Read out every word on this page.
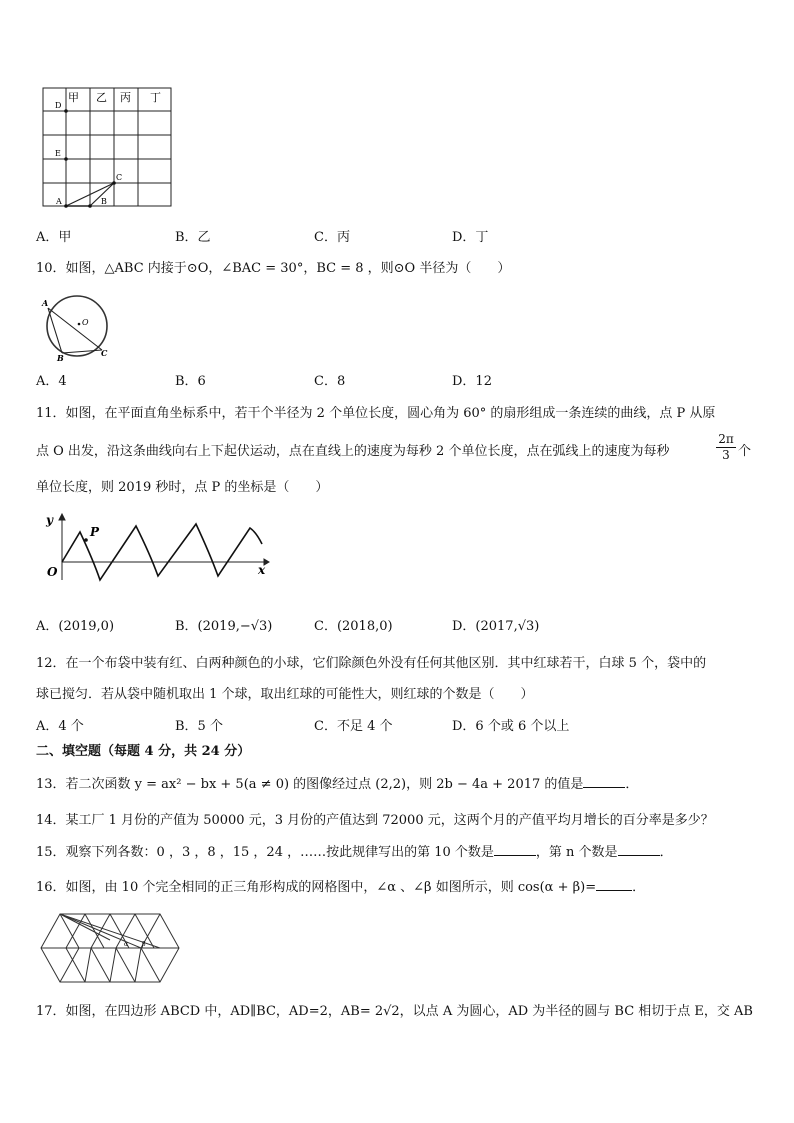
甲 乙 丙 丁
D
E
A	B
C
A．甲	B．乙	C．丙	D．丁
10．如图，△ABC 内接于⊙O，∠BAC = 30°，BC = 8 ，则⊙O 半径为（　　）
A
O
B	C
A．4	B．6	C．8	D．12
11．如图，在平面直角坐标系中，若干个半径为 2 个单位长度，圆心角为 60° 的扇形组成一条连续的曲线，点 P 从原
点 O 出发，沿这条曲线向右上下起伏运动，点在直线上的速度为每秒 2 个单位长度，点在弧线上的速度为每秒	$\frac{2\pi}{3}$ 个
单位长度，则 2019 秒时，点 P 的坐标是（　　）
y
P
O	x
A．(2019,0)	B．(2019,−√3)	C．(2018,0)	D．(2017,√3)
12．在一个布袋中装有红、白两种颜色的小球，它们除颜色外没有任何其他区别．其中红球若干，白球 5 个，袋中的
球已搅匀．若从袋中随机取出 1 个球，取出红球的可能性大，则红球的个数是（　　）
A．4 个	B．5 个	C．不足 4 个	D．6 个或 6 个以上
二、填空题（每题 4 分，共 24 分）
13．若二次函数 y = ax² − bx + 5(a ≠ 0) 的图像经过点 (2,2)，则 2b − 4a + 2017 的值是	．
14．某工厂 1 月份的产值为 50000 元，3 月份的产值达到 72000 元，这两个月的产值平均月增长的百分率是多少？
15．观察下列各数：0 ，3 ，8 ，15 ，24 ，……按此规律写出的第 10 个数是	，第 n 个数是	．
16．如图，由 10 个完全相同的正三角形构成的网格图中，∠α 、∠β 如图所示，则 cos(α + β)=	．
α β
17．如图，在四边形 ABCD 中，AD∥BC，AD=2，AB= 2√2，以点 A 为圆心，AD 为半径的圆与 BC 相切于点 E，交 AB
